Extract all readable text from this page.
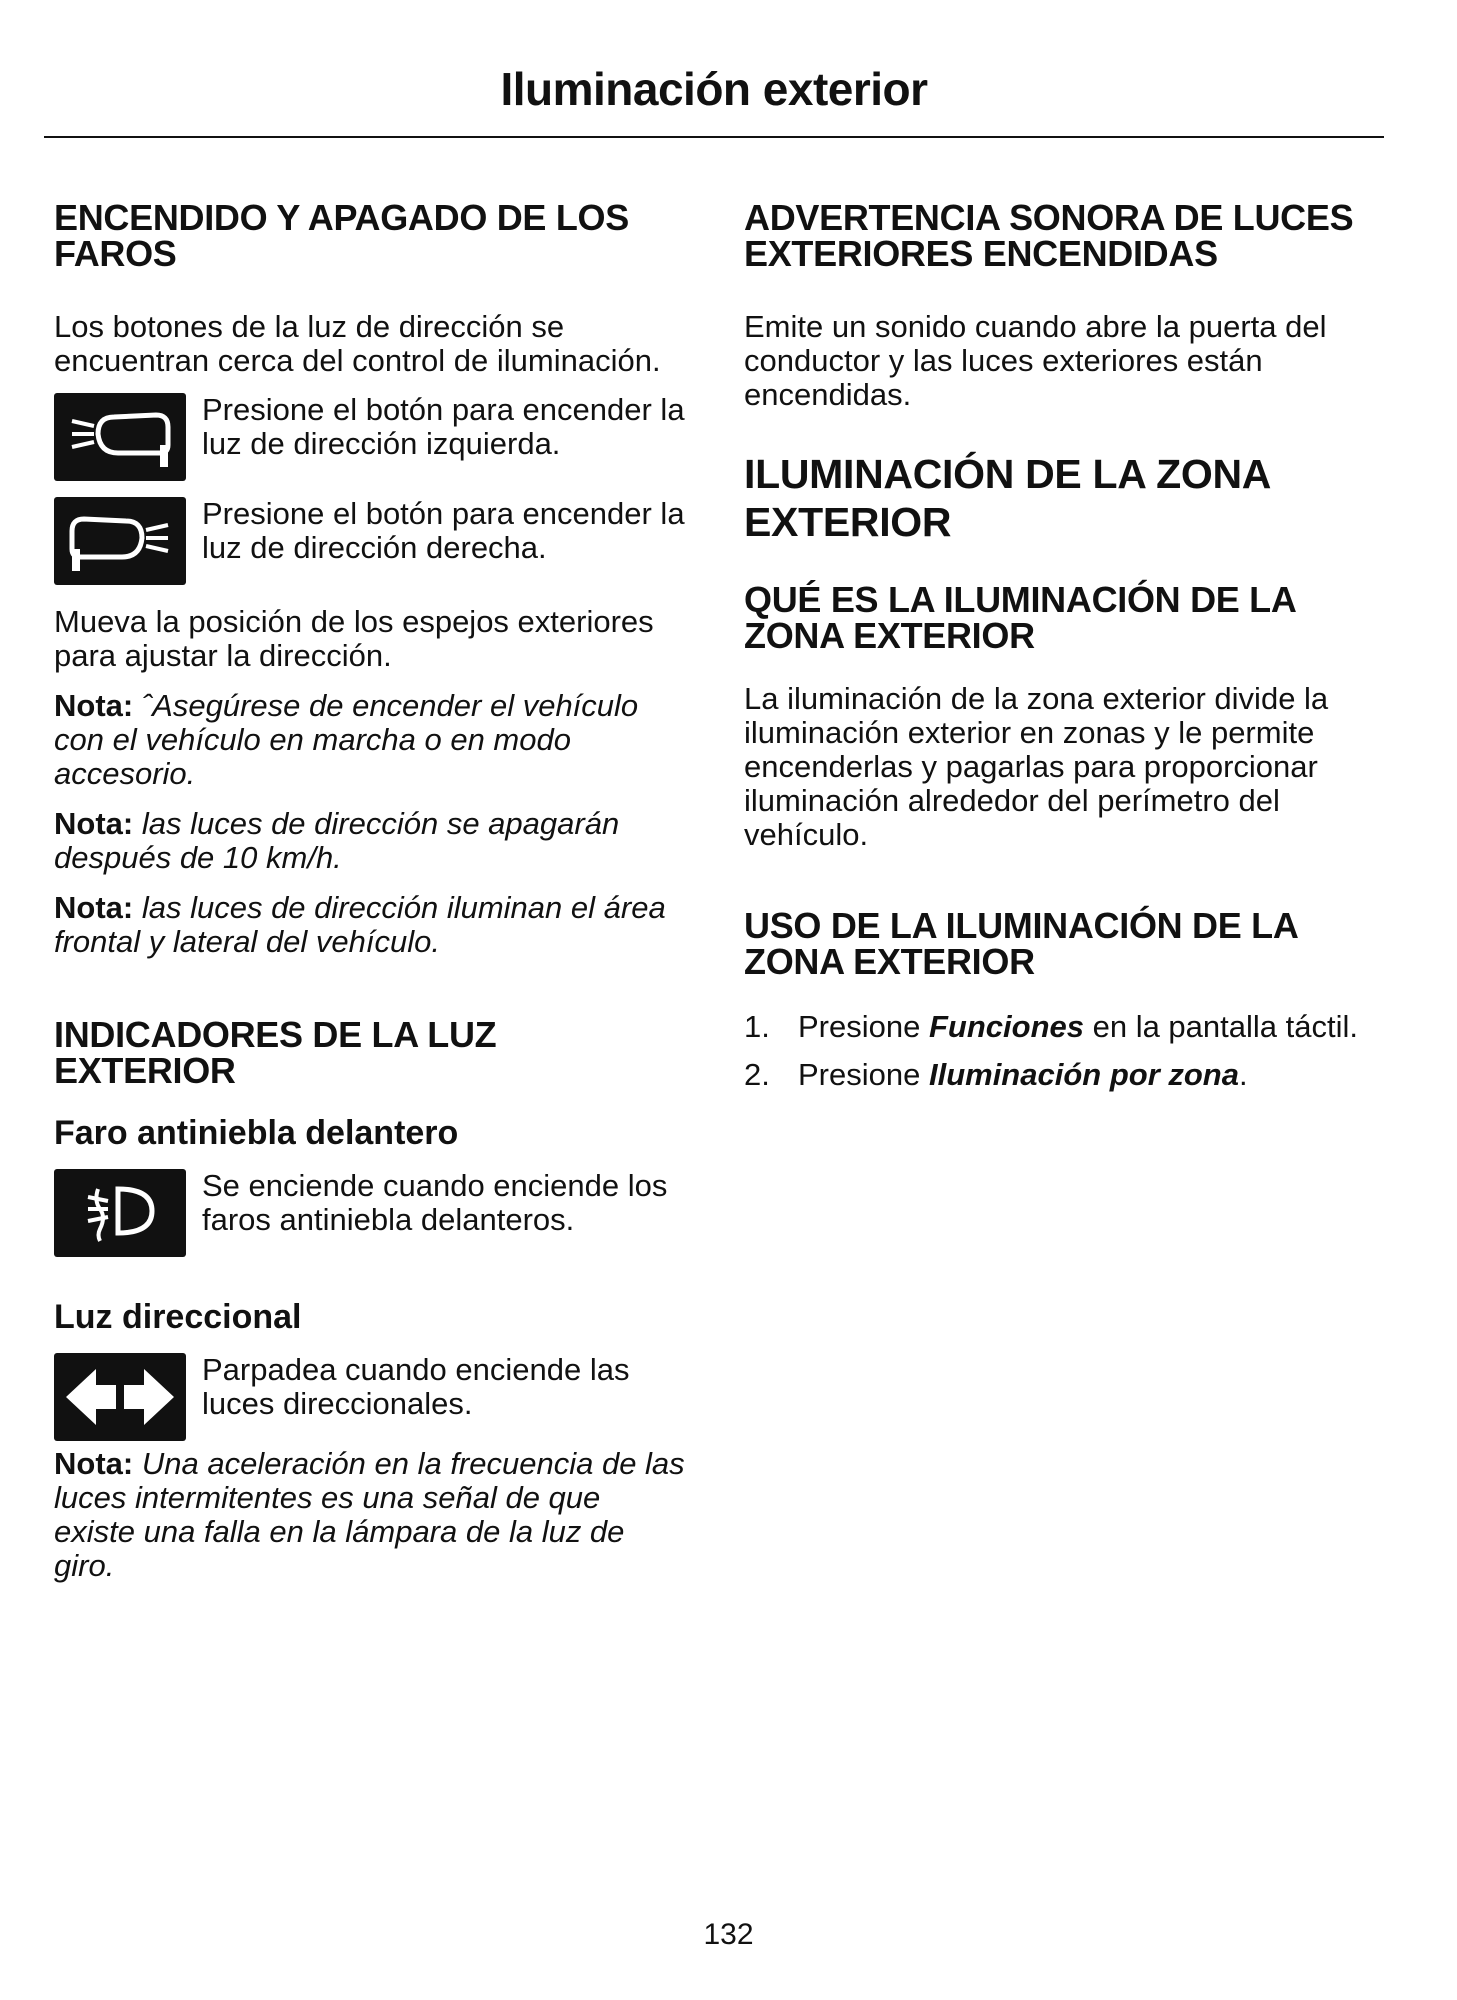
Iluminación exterior
ENCENDIDO Y APAGADO DE LOS FAROS

Los botones de la luz de dirección se encuentran cerca del control de iluminación.

Presione el botón para encender la luz de dirección izquierda.
Presione el botón para encender la luz de dirección derecha.

Mueva la posición de los espejos exteriores para ajustar la dirección.

Nota: ˆAsegúrese de encender el vehículo con el vehículo en marcha o en modo accesorio.
Nota: las luces de dirección se apagarán después de 10 km/h.
Nota: las luces de dirección iluminan el área frontal y lateral del vehículo.
INDICADORES DE LA LUZ EXTERIOR
Faro antiniebla delantero
Se enciende cuando enciende los faros antiniebla delanteros.
Luz direccional
Parpadea cuando enciende las luces direccionales.
Nota: Una aceleración en la frecuencia de las luces intermitentes es una señal de que existe una falla en la lámpara de la luz de giro.
ADVERTENCIA SONORA DE LUCES EXTERIORES ENCENDIDAS

Emite un sonido cuando abre la puerta del conductor y las luces exteriores están encendidas.

ILUMINACIÓN DE LA ZONA EXTERIOR
QUÉ ES LA ILUMINACIÓN DE LA ZONA EXTERIOR

La iluminación de la zona exterior divide la iluminación exterior en zonas y le permite encenderlas y pagarlas para proporcionar iluminación alrededor del perímetro del vehículo.

USO DE LA ILUMINACIÓN DE LA ZONA EXTERIOR
1. Presione Funciones en la pantalla táctil.
2. Presione Iluminación por zona.
132
